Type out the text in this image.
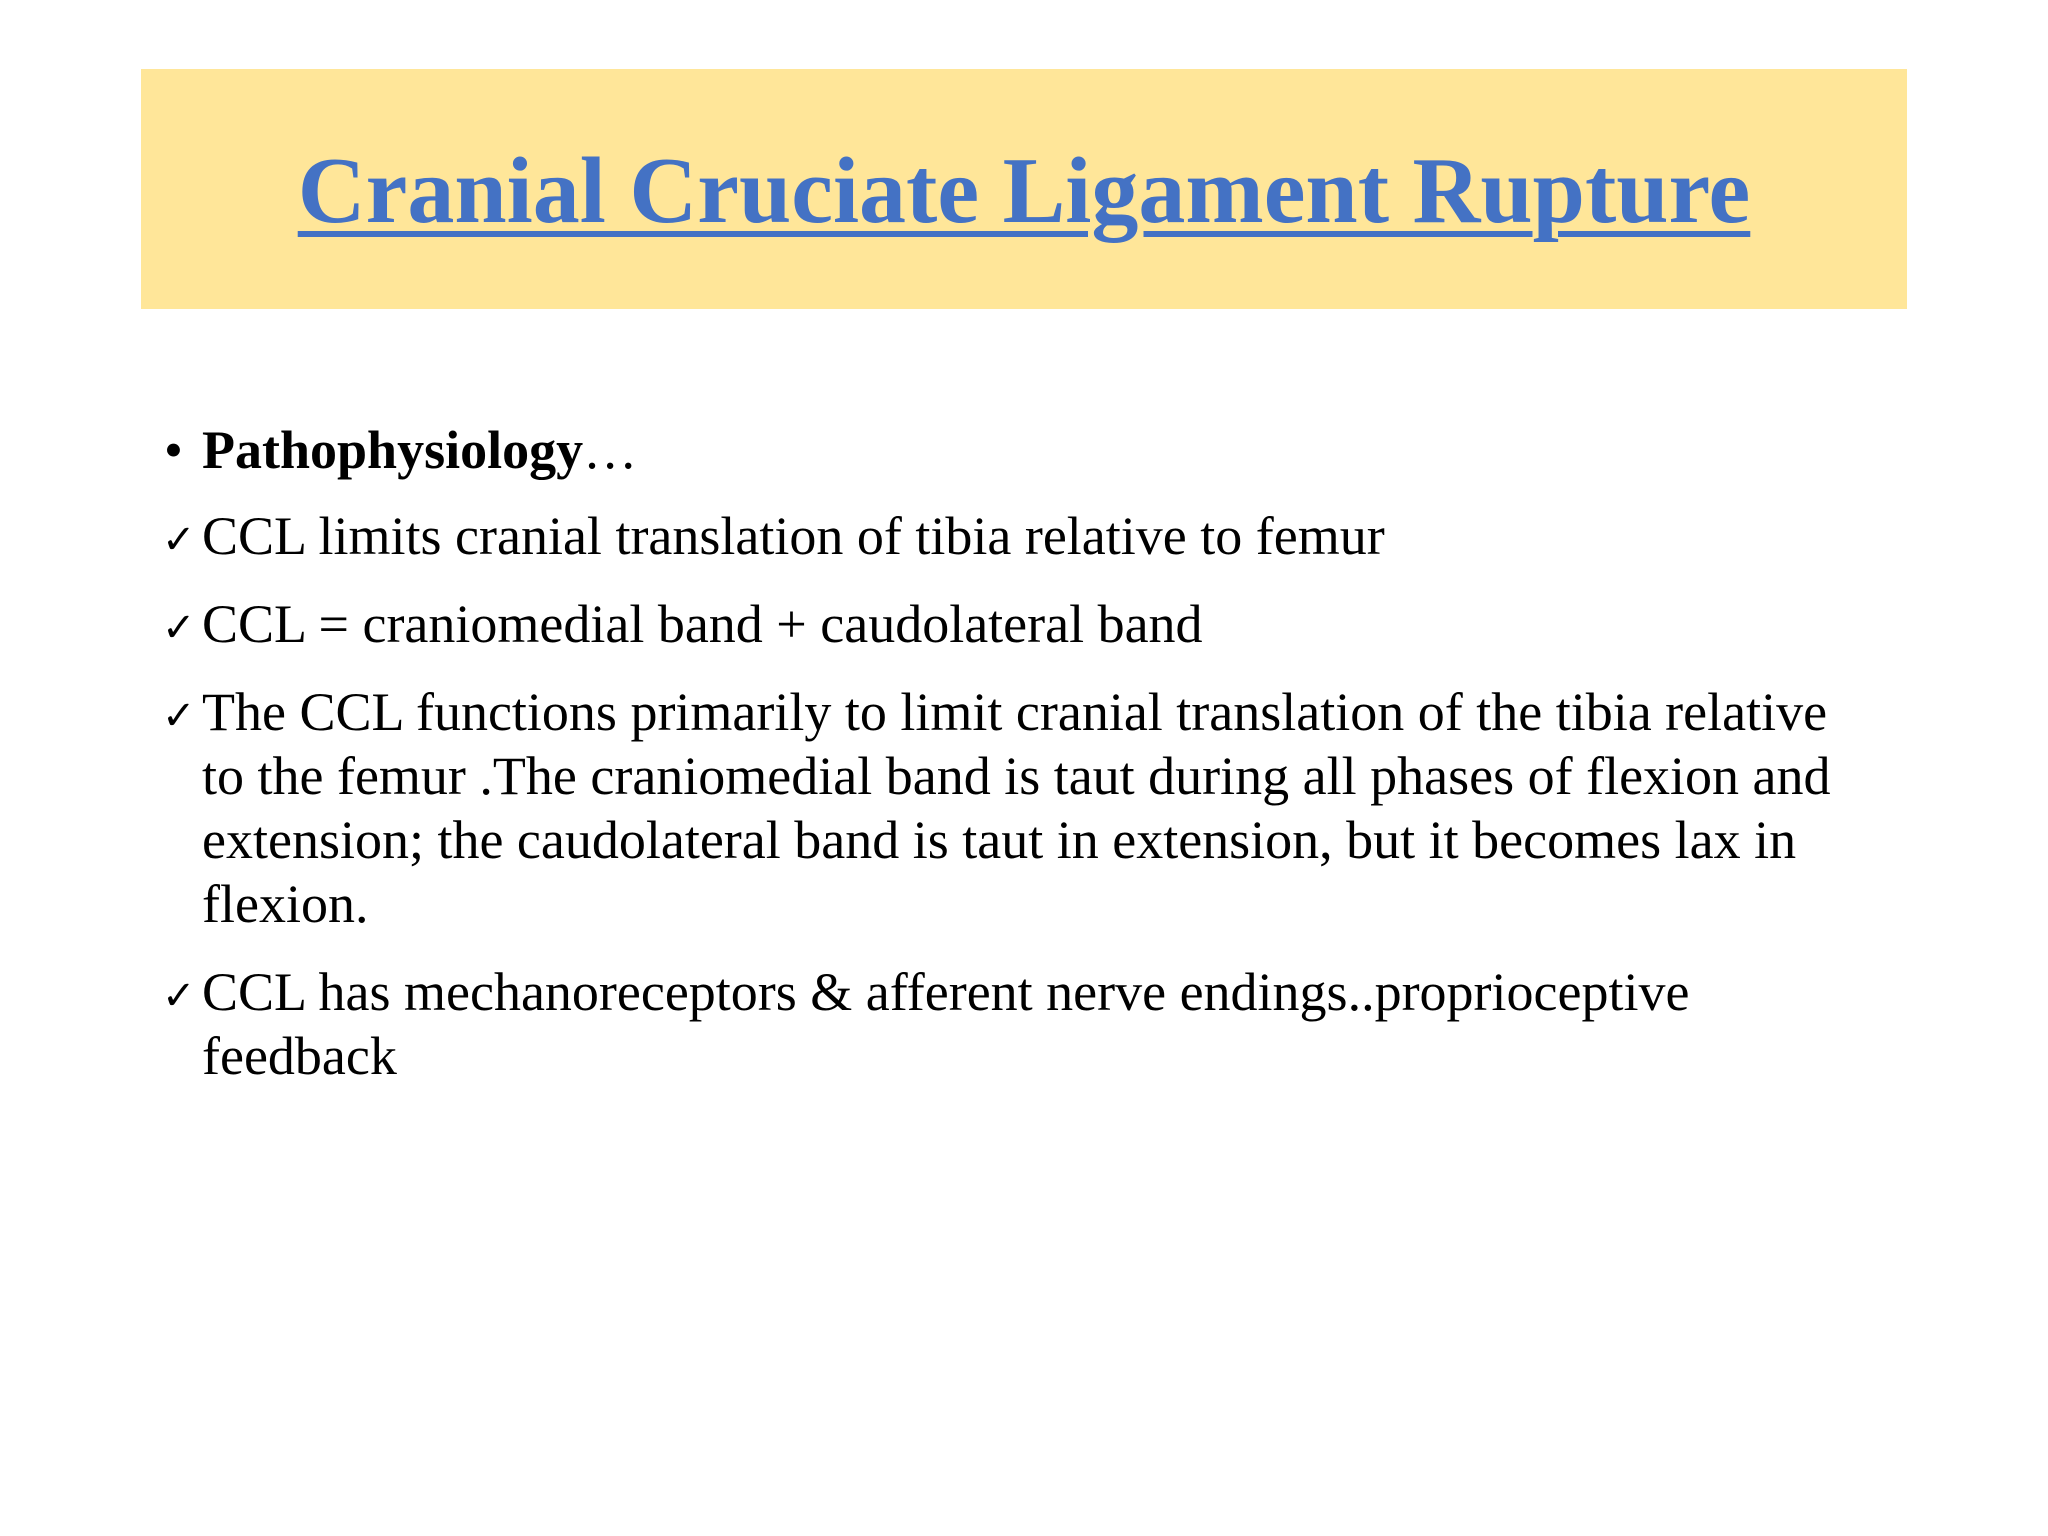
Cranial Cruciate Ligament Rupture
• Pathophysiology…
✓ CCL limits cranial translation of tibia relative to femur
✓ CCL = craniomedial band + caudolateral band
✓ The CCL functions primarily to limit cranial translation of the tibia relative to the femur .The craniomedial band is taut during all phases of flexion and extension; the caudolateral band is taut in extension, but it becomes lax in flexion.
✓ CCL has mechanoreceptors & afferent nerve endings..proprioceptive feedback
